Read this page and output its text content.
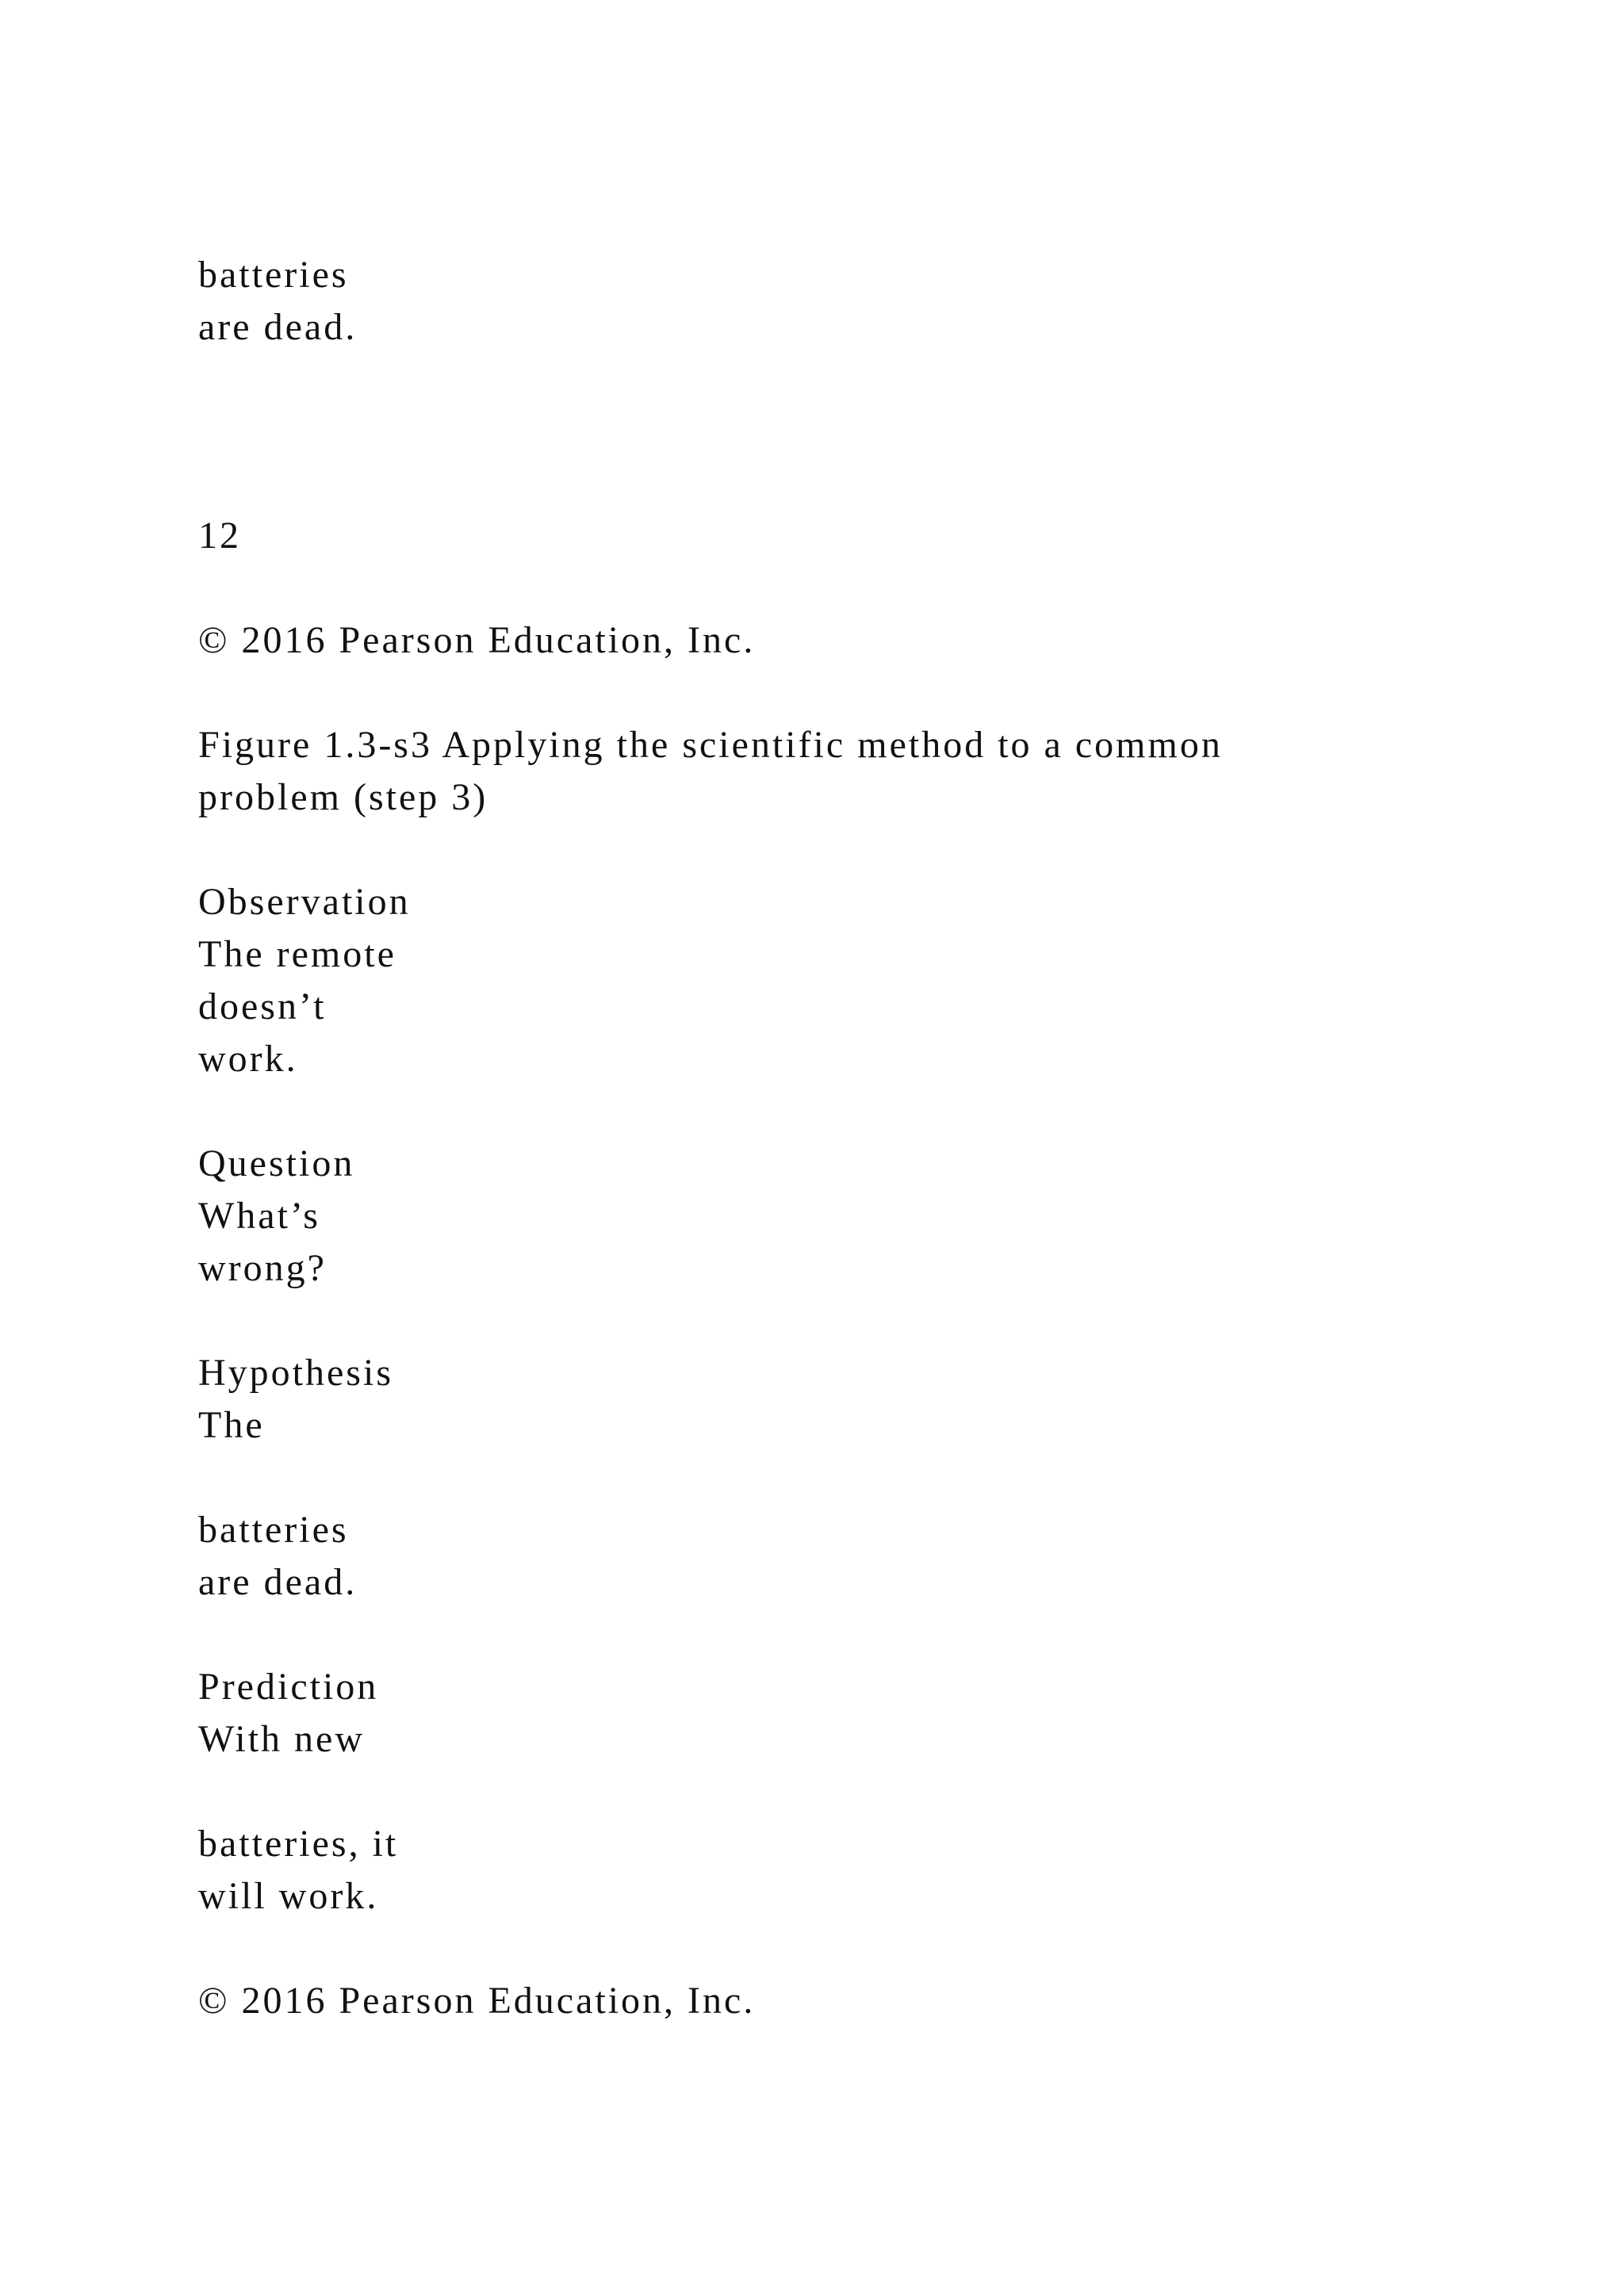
batteries

are dead.

12

© 2016 Pearson Education, Inc.

Figure 1.3-s3 Applying the scientific method to a common

problem (step 3)

Observation

The remote

doesn’t

work.

Question

What’s

wrong?

Hypothesis

The

batteries

are dead.

Prediction

With new

batteries, it

will work.

© 2016 Pearson Education, Inc.
